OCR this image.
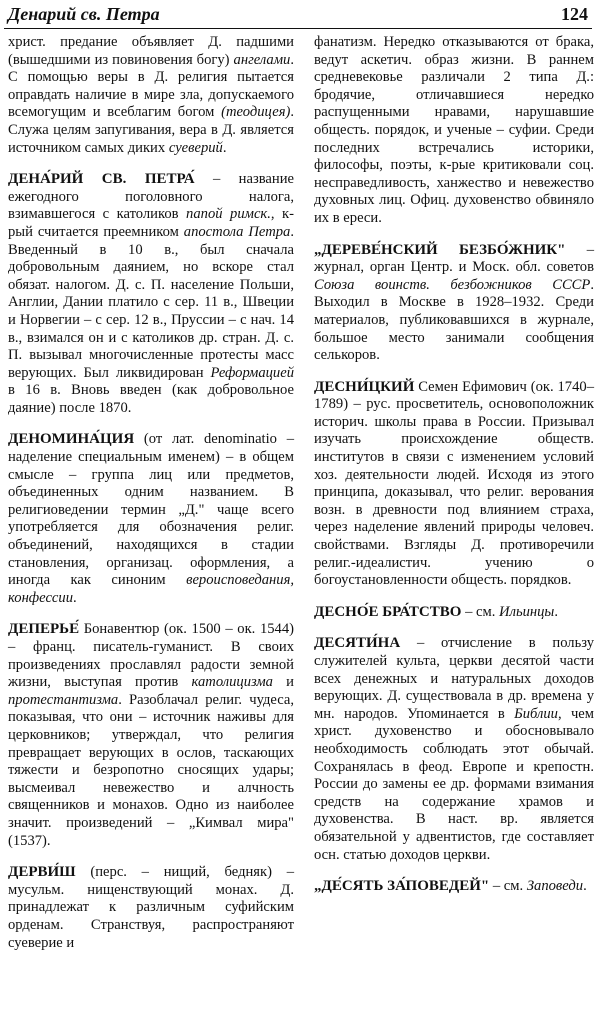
Денарий св. Петра	124

христ. предание объявляет Д. падшими (вышедшими из повиновения богу) ангелами. С помощью веры в Д. религия пытается оправдать наличие в мире зла, допускаемого всемогущим и всеблагим богом (теодицея). Служа целям запугивания, вера в Д. является источником самых диких суеверий.

ДЕНА́РИЙ СВ. ПЕТРА́ – название ежегодного поголовного налога, взимавшегося с католиков папой римск., к-рый считается преемником апостола Петра. Введенный в 10 в., был сначала добровольным даянием, но вскоре стал обязат. налогом. Д. с. П. население Польши, Англии, Дании платило с сер. 11 в., Швеции и Норвегии – с сер. 12 в., Пруссии – с нач. 14 в., взимался он и с католиков др. стран. Д. с. П. вызывал многочисленные протесты масс верующих. Был ликвидирован Реформацией в 16 в. Вновь введен (как добровольное даяние) после 1870.

ДЕНОМИНА́ЦИЯ (от лат. denominatio – наделение специальным именем) – в общем смысле – группа лиц или предметов, объединенных одним названием. В религиоведении термин „Д." чаще всего употребляется для обозначения религ. объединений, находящихся в стадии становления, организац. оформления, а иногда как синоним вероисповедания, конфессии.

ДЕПЕРЬЕ́ Бонавентюр (ок. 1500 – ок. 1544) – франц. писатель-гуманист. В своих произведениях прославлял радости земной жизни, выступая против католицизма и протестантизма. Разоблачал религ. чудеса, показывая, что они – источник наживы для церковников; утверждал, что религия превращает верующих в ослов, таскающих тяжести и безропотно сносящих удары; высмеивал невежество и алчность священников и монахов. Одно из наиболее значит. произведений – „Кимвал мира" (1537).

ДЕРВИ́Ш (перс. – нищий, бедняк) – мусульм. нищенствующий монах. Д. принадлежат к различным суфийским орденам. Странствуя, распространяют суеверие и

фанатизм. Нередко отказываются от брака, ведут аскетич. образ жизни. В раннем средневековье различали 2 типа Д.: бродячие, отличавшиеся нередко распущенными нравами, нарушавшие общесть. порядок, и ученые – суфии. Среди последних встречались историки, философы, поэты, к-рые критиковали соц. несправедливость, ханжество и невежество духовных лиц. Офиц. духовенство обвиняло их в ереси.

„ДЕРЕВЕ́НСКИЙ БЕЗБО́ЖНИК" – журнал, орган Центр. и Моск. обл. советов Союза воинств. безбожников СССР. Выходил в Москве в 1928–1932. Среди материалов, публиковавшихся в журнале, большое место занимали сообщения селькоров.

ДЕСНИ́ЦКИЙ Семен Ефимович (ок. 1740–1789) – рус. просветитель, основоположник историч. школы права в России. Призывал изучать происхождение обществ. институтов в связи с изменением условий хоз. деятельности людей. Исходя из этого принципа, доказывал, что религ. верования возн. в древности под влиянием страха, через наделение явлений природы человеч. свойствами. Взгляды Д. противоречили религ.-идеалистич. учению о богоустановленности общесть. порядков.

ДЕСНО́Е БРА́ТСТВО – см. Ильинцы.

ДЕСЯТИ́НА – отчисление в пользу служителей культа, церкви десятой части всех денежных и натуральных доходов верующих. Д. существовала в др. времена у мн. народов. Упоминается в Библии, чем христ. духовенство и обосновывало необходимость соблюдать этот обычай. Сохранялась в феод. Европе и крепостн. России до замены ее др. формами взимания средств на содержание храмов и духовенства. В наст. вр. является обязательной у адвентистов, где составляет осн. статью доходов церкви.

„ДЕ́СЯТЬ ЗА́ПОВЕДЕЙ" – см. Заповеди.
